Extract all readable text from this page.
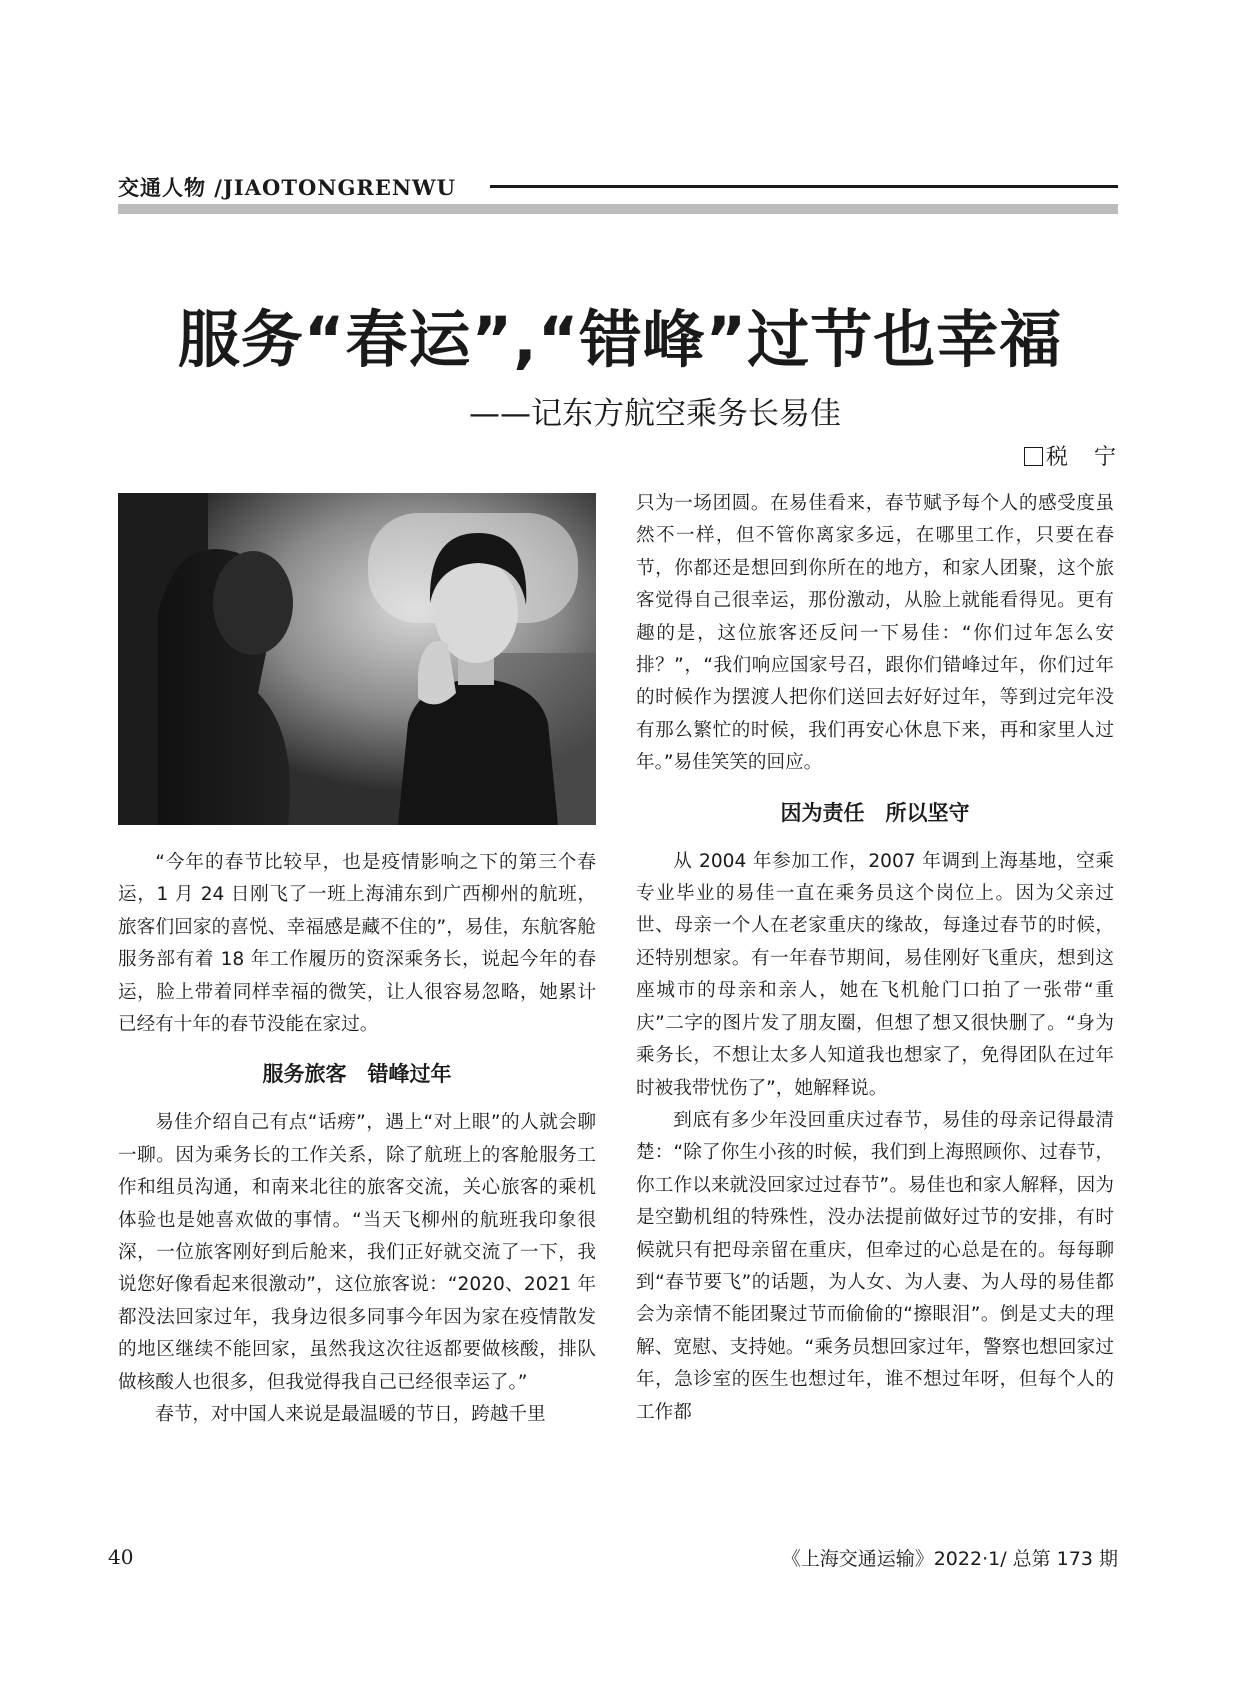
交通人物 /JIAOTONGRENWU
服务“春运”,“错峰”过节也幸福
——记东方航空乘务长易佳
税　宁

“今年的春节比较早，也是疫情影响之下的第三个春运，1 月 24 日刚飞了一班上海浦东到广西柳州的航班，旅客们回家的喜悦、幸福感是藏不住的”，易佳，东航客舱服务部有着 18 年工作履历的资深乘务长，说起今年的春运，脸上带着同样幸福的微笑，让人很容易忽略，她累计已经有十年的春节没能在家过。

服务旅客　错峰过年

易佳介绍自己有点“话痨”，遇上“对上眼”的人就会聊一聊。因为乘务长的工作关系，除了航班上的客舱服务工作和组员沟通，和南来北往的旅客交流，关心旅客的乘机体验也是她喜欢做的事情。“当天飞柳州的航班我印象很深，一位旅客刚好到后舱来，我们正好就交流了一下，我说您好像看起来很激动”，这位旅客说：“2020、2021 年都没法回家过年，我身边很多同事今年因为家在疫情散发的地区继续不能回家，虽然我这次往返都要做核酸，排队做核酸人也很多，但我觉得我自己已经很幸运了。”

春节，对中国人来说是最温暖的节日，跨越千里

只为一场团圆。在易佳看来，春节赋予每个人的感受度虽然不一样，但不管你离家多远，在哪里工作，只要在春节，你都还是想回到你所在的地方，和家人团聚，这个旅客觉得自己很幸运，那份激动，从脸上就能看得见。更有趣的是，这位旅客还反问一下易佳：“你们过年怎么安排？”，“我们响应国家号召，跟你们错峰过年，你们过年的时候作为摆渡人把你们送回去好好过年，等到过完年没有那么繁忙的时候，我们再安心休息下来，再和家里人过年。”易佳笑笑的回应。

因为责任　所以坚守

从 2004 年参加工作，2007 年调到上海基地，空乘专业毕业的易佳一直在乘务员这个岗位上。因为父亲过世、母亲一个人在老家重庆的缘故，每逢过春节的时候，还特别想家。有一年春节期间，易佳刚好飞重庆，想到这座城市的母亲和亲人，她在飞机舱门口拍了一张带“重庆”二字的图片发了朋友圈，但想了想又很快删了。“身为乘务长，不想让太多人知道我也想家了，免得团队在过年时被我带忧伤了”，她解释说。

到底有多少年没回重庆过春节，易佳的母亲记得最清楚：“除了你生小孩的时候，我们到上海照顾你、过春节，你工作以来就没回家过过春节”。易佳也和家人解释，因为是空勤机组的特殊性，没办法提前做好过节的安排，有时候就只有把母亲留在重庆，但牵过的心总是在的。每每聊到“春节要飞”的话题，为人女、为人妻、为人母的易佳都会为亲情不能团聚过节而偷偷的“擦眼泪”。倒是丈夫的理解、宽慰、支持她。“乘务员想回家过年，警察也想回家过年，急诊室的医生也想过年，谁不想过年呀，但每个人的工作都

40	《上海交通运输》2022·1/ 总第 173 期
